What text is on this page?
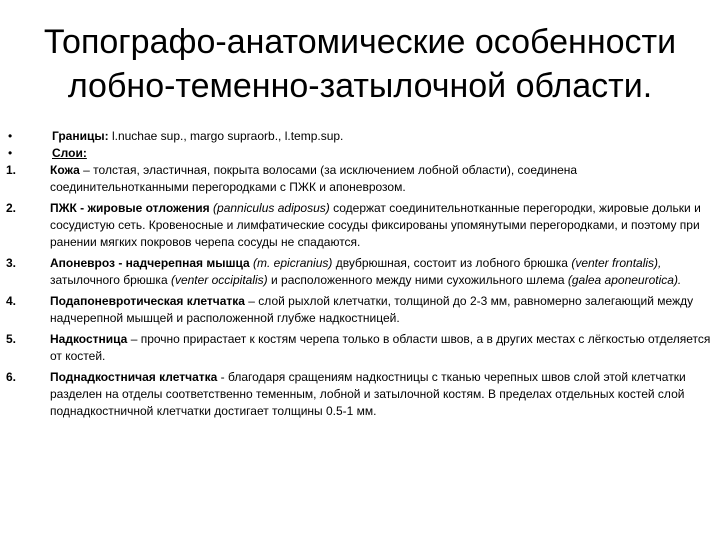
Топографо-анатомические особенности
лобно-теменно-затылочной области.
•	Границы: l.nuchae sup., margo supraorb., l.temp.sup.
•	Слои:
1.	Кожа – толстая, эластичная, покрыта волосами (за исключением лобной области), соединена соединительнотканными перегородками с ПЖК и апоневрозом.
2.	ПЖК - жировые отложения (panniculus adiposus) содержат соединительнотканные перегородки, жировые дольки и сосудистую сеть. Кровеносные и лимфатические сосуды фиксированы упомянутыми перегородками, и поэтому при ранении мягких покровов черепа сосуды не спадаются.
3.	Апоневроз - надчерепная мышца (m. epicranius) двубрюшная, состоит из лобного брюшка (venter frontalis), затылочного брюшка (venter occipitalis) и расположенного между ними сухожильного шлема (galea aponeurotica).
4.	Подапоневротическая клетчатка – слой рыхлой клетчатки, толщиной до 2-3 мм, равномерно залегающий между надчерепной мышцей и расположенной глубже надкостницей.
5.	Надкостница – прочно прирастает к костям черепа только в области швов, а в других местах с лёгкостью отделяется от костей.
6.	Поднадкостничая клетчатка - благодаря сращениям надкостницы с тканью черепных швов слой этой клетчатки разделен на отделы соответственно теменным, лобной и затылочной костям. В пределах отдельных костей слой поднадкостничной клетчатки достигает толщины 0.5-1 мм.
